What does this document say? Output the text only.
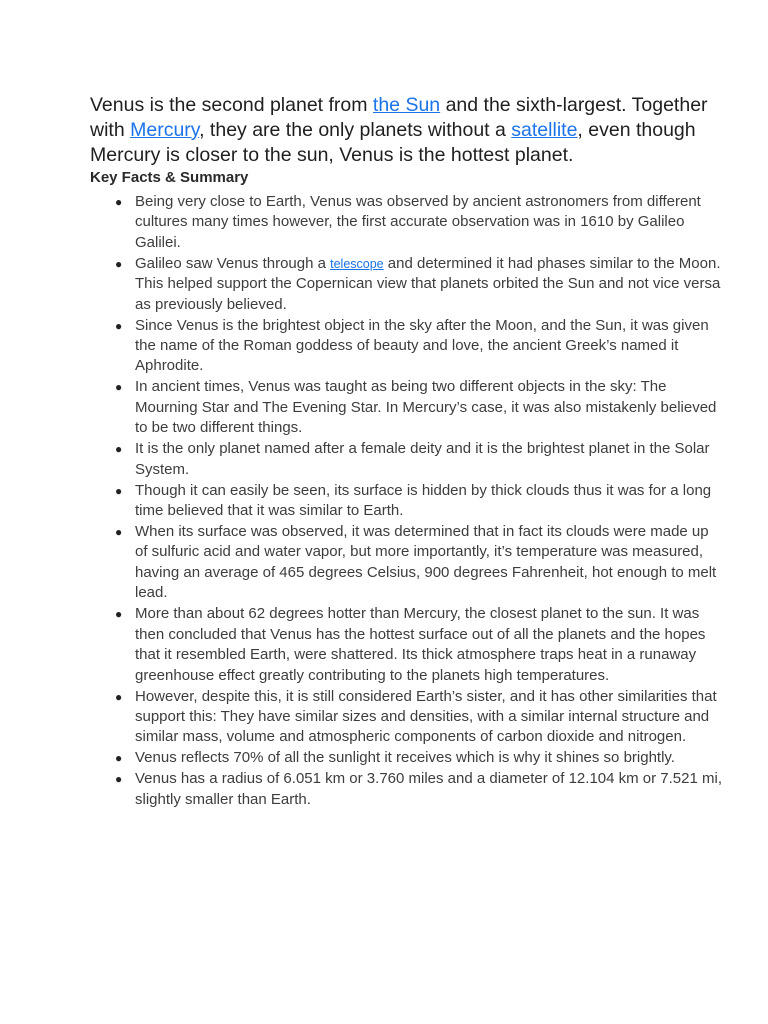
Venus is the second planet from the Sun and the sixth-largest. Together with Mercury, they are the only planets without a satellite, even though Mercury is closer to the sun, Venus is the hottest planet.

Key Facts & Summary
● Being very close to Earth, Venus was observed by ancient astronomers from different cultures many times however, the first accurate observation was in 1610 by Galileo Galilei.
● Galileo saw Venus through a telescope and determined it had phases similar to the Moon. This helped support the Copernican view that planets orbited the Sun and not vice versa as previously believed.
● Since Venus is the brightest object in the sky after the Moon, and the Sun, it was given the name of the Roman goddess of beauty and love, the ancient Greek’s named it Aphrodite.
● In ancient times, Venus was taught as being two different objects in the sky: The Mourning Star and The Evening Star. In Mercury’s case, it was also mistakenly believed to be two different things.
● It is the only planet named after a female deity and it is the brightest planet in the Solar System.
● Though it can easily be seen, its surface is hidden by thick clouds thus it was for a long time believed that it was similar to Earth.
● When its surface was observed, it was determined that in fact its clouds were made up of sulfuric acid and water vapor, but more importantly, it’s temperature was measured, having an average of 465 degrees Celsius, 900 degrees Fahrenheit, hot enough to melt lead.
● More than about 62 degrees hotter than Mercury, the closest planet to the sun. It was then concluded that Venus has the hottest surface out of all the planets and the hopes that it resembled Earth, were shattered. Its thick atmosphere traps heat in a runaway greenhouse effect greatly contributing to the planets high temperatures.
● However, despite this, it is still considered Earth’s sister, and it has other similarities that support this: They have similar sizes and densities, with a similar internal structure and similar mass, volume and atmospheric components of carbon dioxide and nitrogen.
● Venus reflects 70% of all the sunlight it receives which is why it shines so brightly.
● Venus has a radius of 6.051 km or 3.760 miles and a diameter of 12.104 km or 7.521 mi, slightly smaller than Earth.
